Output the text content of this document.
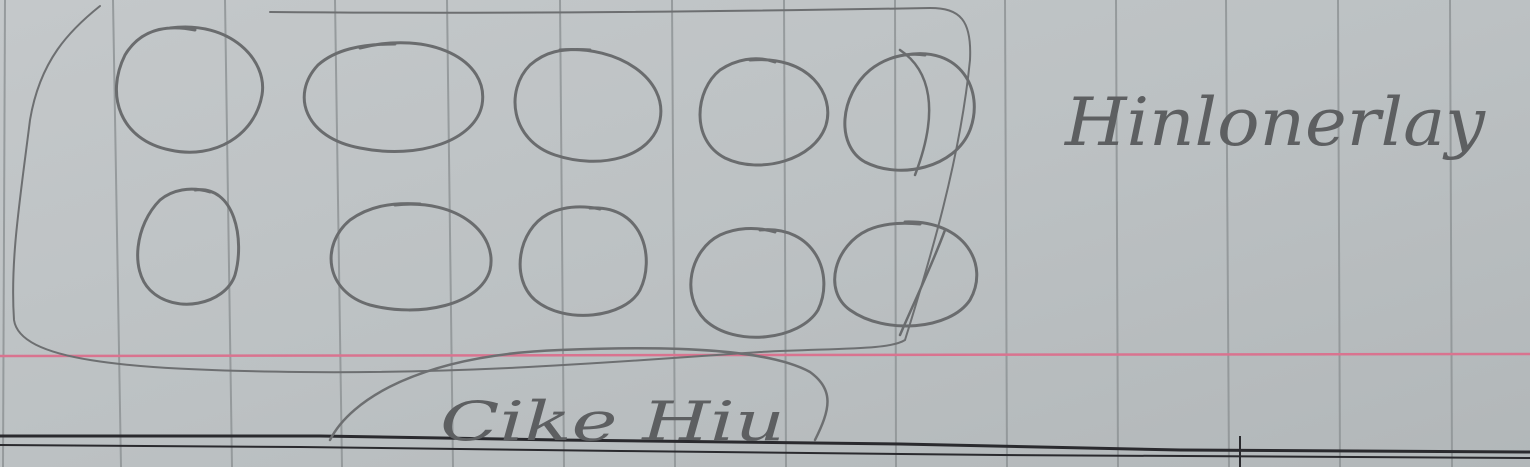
Hinlonerlay
Cike Hiu
